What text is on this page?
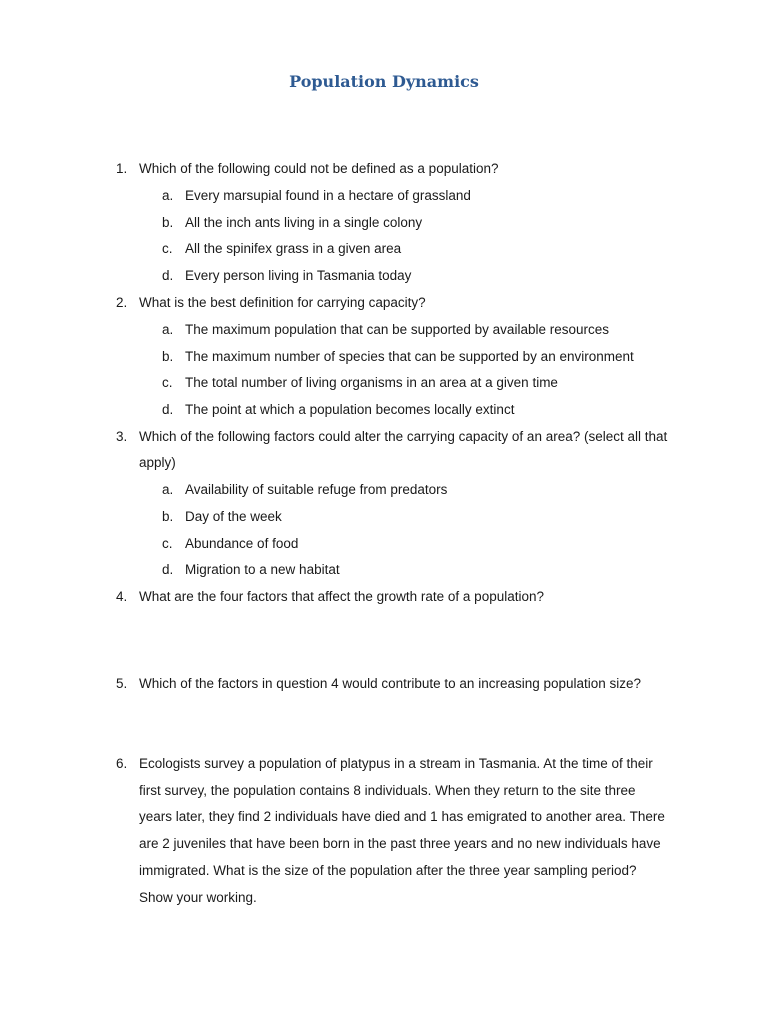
Population Dynamics
1. Which of the following could not be defined as a population?
a. Every marsupial found in a hectare of grassland
b. All the inch ants living in a single colony
c. All the spinifex grass in a given area
d. Every person living in Tasmania today
2. What is the best definition for carrying capacity?
a. The maximum population that can be supported by available resources
b. The maximum number of species that can be supported by an environment
c. The total number of living organisms in an area at a given time
d. The point at which a population becomes locally extinct
3. Which of the following factors could alter the carrying capacity of an area? (select all that apply)
a. Availability of suitable refuge from predators
b. Day of the week
c. Abundance of food
d. Migration to a new habitat
4. What are the four factors that affect the growth rate of a population?
5. Which of the factors in question 4 would contribute to an increasing population size?
6. Ecologists survey a population of platypus in a stream in Tasmania. At the time of their first survey, the population contains 8 individuals. When they return to the site three years later, they find 2 individuals have died and 1 has emigrated to another area. There are 2 juveniles that have been born in the past three years and no new individuals have immigrated. What is the size of the population after the three year sampling period? Show your working.
